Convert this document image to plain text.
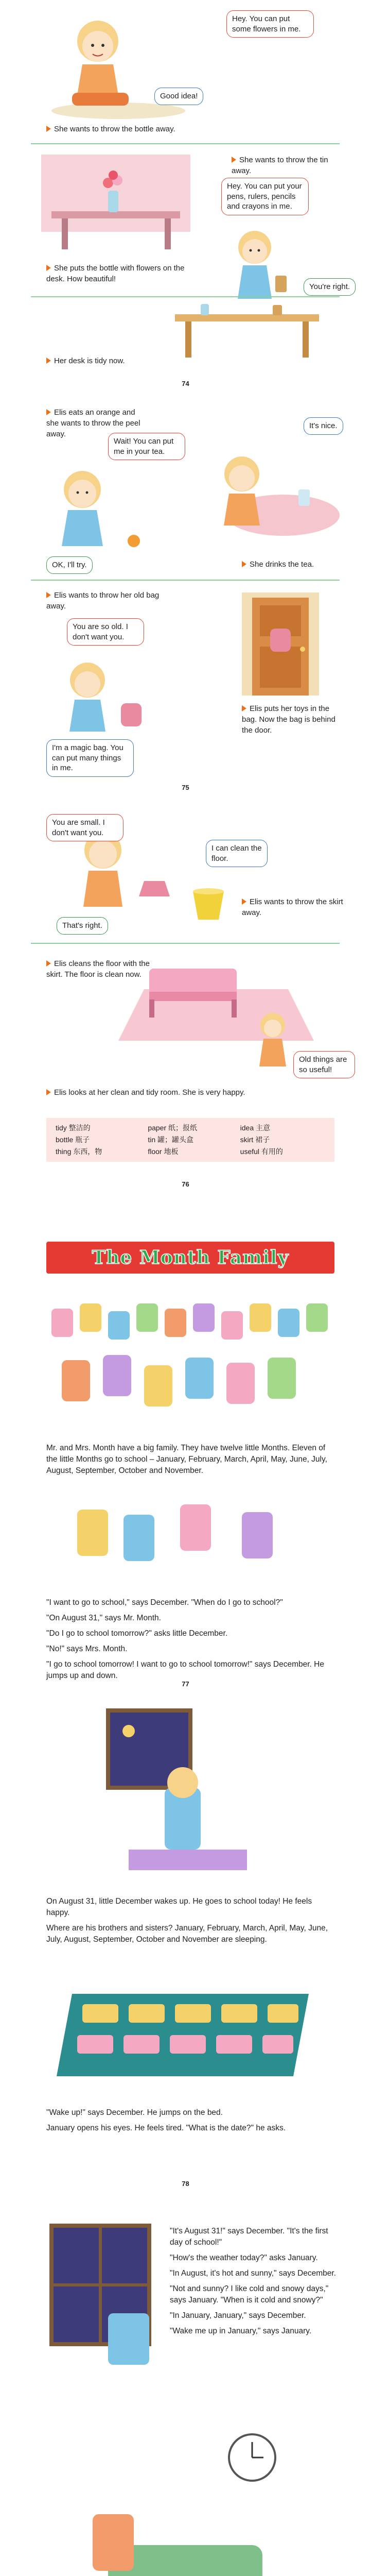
Hey. You can put some flowers in me.
Good idea!
She wants to throw the bottle away.
She wants to throw the tin away.
Hey. You can put your pens, rulers, pencils and crayons in me.
You're right.
She puts the bottle with flowers on the desk. How beautiful!
Her desk is tidy now.
74
Elis eats an orange and she wants to throw the peel away.
Wait! You can put me in your tea.
It's nice.
OK, I'll try.	She drinks the tea.
Elis wants to throw her old bag away.
You are so old. I don't want you.
I'm a magic bag. You can put many things in me.
Elis puts her toys in the bag. Now the bag is behind the door.
75
You are small. I don't want you.
I can clean the floor.
That's right.
Elis wants to throw the skirt away.
Elis cleans the floor with the skirt. The floor is clean now.
Old things are so useful!
Elis looks at her clean and tidy room. She is very happy.
tidy 整洁的	paper 纸；报纸	idea 主意
bottle 瓶子	tin 罐；罐头盒	skirt 裙子
thing 东西，物	floor 地板	useful 有用的
76
The Month Family

Mr. and Mrs. Month have a big family. They have twelve little Months. Eleven of the little Months go to school – January, February, March, April, May, June, July, August, September, October and November.

"I want to go to school," says December. "When do I go to school?"

"On August 31," says Mr. Month.

"Do I go to school tomorrow?" asks little December.

"No!" says Mrs. Month.

"I go to school tomorrow! I want to go to school tomorrow!" says December. He jumps up and down.

77

On August 31, little December wakes up. He goes to school today! He feels happy.

Where are his brothers and sisters? January, February, March, April, May, June, July, August, September, October and November are sleeping.

"Wake up!" says December. He jumps on the bed.

January opens his eyes. He feels tired. "What is the date?" he asks.

78

"It's August 31!" says December. "It's the first day of school!"

"How's the weather today?" asks January.

"In August, it's hot and sunny," says December.

"Not and sunny? I like cold and snowy days," says January. "When is it cold and snowy?"

"In January, January," says December.

"Wake me up in January," says January.
